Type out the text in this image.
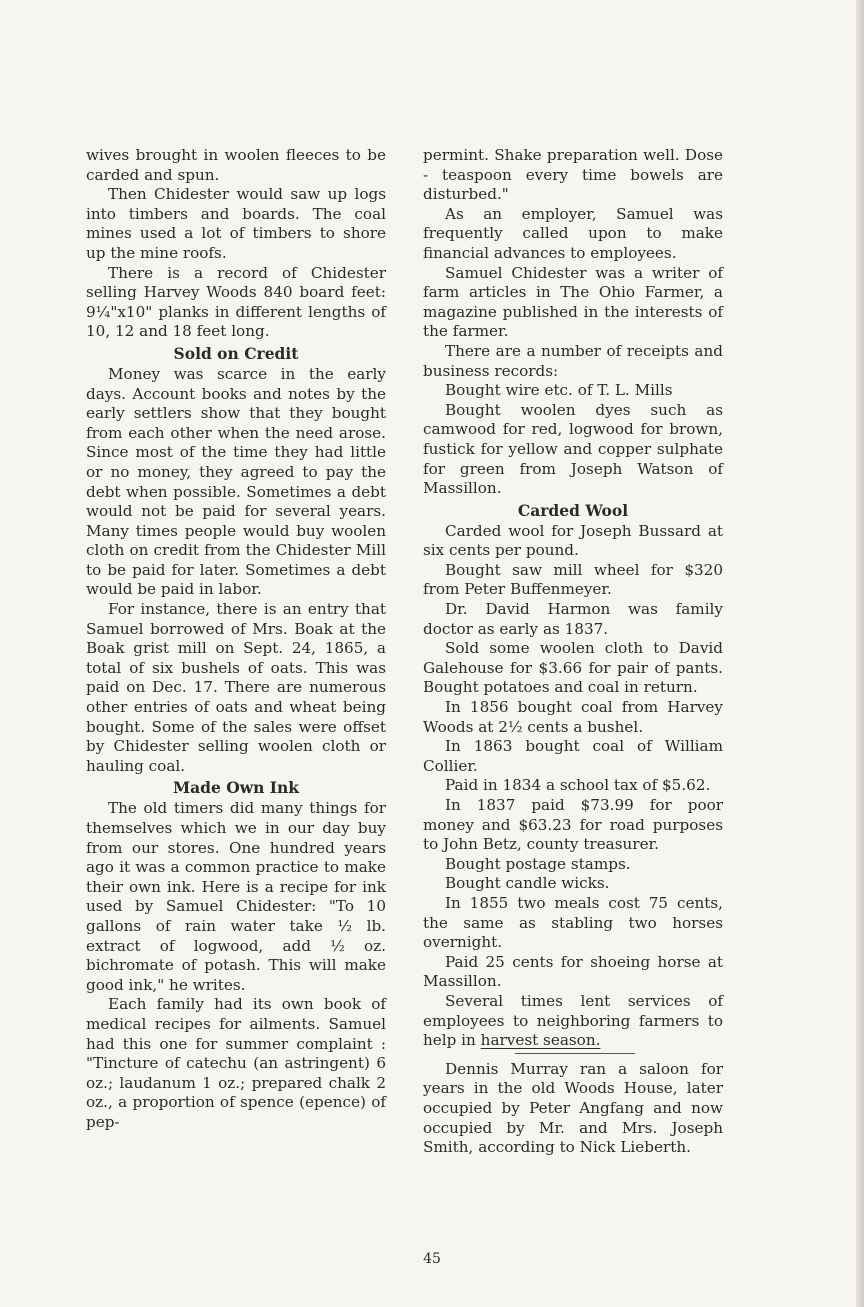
wives brought in woolen fleeces to be carded and spun.

Then Chidester would saw up logs into timbers and boards. The coal mines used a lot of timbers to shore up the mine roofs.

There is a record of Chidester selling Harvey Woods 840 board feet: 9¼"x10" planks in different lengths of 10, 12 and 18 feet long.

Sold on Credit

Money was scarce in the early days. Account books and notes by the early settlers show that they bought from each other when the need arose. Since most of the time they had little or no money, they agreed to pay the debt when possible. Sometimes a debt would not be paid for several years. Many times people would buy woolen cloth on credit from the Chidester Mill to be paid for later. Sometimes a debt would be paid in labor.

For instance, there is an entry that Samuel borrowed of Mrs. Boak at the Boak grist mill on Sept. 24, 1865, a total of six bushels of oats. This was paid on Dec. 17. There are numerous other entries of oats and wheat being bought. Some of the sales were offset by Chidester selling woolen cloth or hauling coal.

Made Own Ink

The old timers did many things for themselves which we in our day buy from our stores. One hundred years ago it was a common practice to make their own ink. Here is a recipe for ink used by Samuel Chidester: "To 10 gallons of rain water take ½ lb. extract of logwood, add ½ oz. bichromate of potash. This will make good ink," he writes.

Each family had its own book of medical recipes for ailments. Samuel had this one for summer complaint : "Tincture of catechu (an astringent) 6 oz.; laudanum 1 oz.; prepared chalk 2 oz., a proportion of spence (epence) of pep-

permint. Shake preparation well. Dose - teaspoon every time bowels are disturbed."

As an employer, Samuel was frequently called upon to make financial advances to employees.

Samuel Chidester was a writer of farm articles in The Ohio Farmer, a magazine published in the interests of the farmer.

There are a number of receipts and business records:

Bought wire etc. of T. L. Mills

Bought woolen dyes such as camwood for red, logwood for brown, fustick for yellow and copper sulphate for green from Joseph Watson of Massillon.

Carded Wool

Carded wool for Joseph Bussard at six cents per pound.

Bought saw mill wheel for $320 from Peter Buffenmeyer.

Dr. David Harmon was family doctor as early as 1837.

Sold some woolen cloth to David Galehouse for $3.66 for pair of pants. Bought potatoes and coal in return.

In 1856 bought coal from Harvey Woods at 2½ cents a bushel.

In 1863 bought coal of William Collier.

Paid in 1834 a school tax of $5.62.

In 1837 paid $73.99 for poor money and $63.23 for road purposes to John Betz, county treasurer.

Bought postage stamps.

Bought candle wicks.

In 1855 two meals cost 75 cents, the same as stabling two horses overnight.

Paid 25 cents for shoeing horse at Massillon.

Several times lent services of employees to neighboring farmers to help in harvest season.

Dennis Murray ran a saloon for years in the old Woods House, later occupied by Peter Angfang and now occupied by Mr. and Mrs. Joseph Smith, according to Nick Lieberth.

45
